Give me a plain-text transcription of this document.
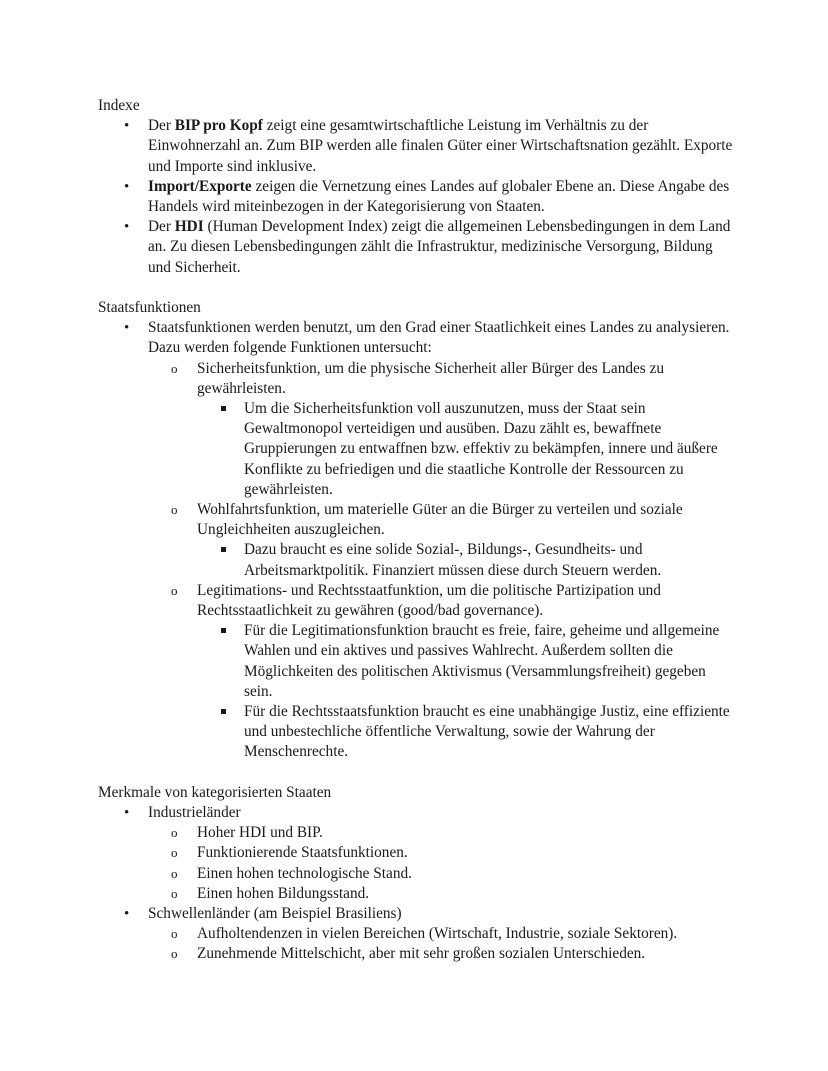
Indexe

• Der BIP pro Kopf zeigt eine gesamtwirtschaftliche Leistung im Verhältnis zu der Einwohnerzahl an. Zum BIP werden alle finalen Güter einer Wirtschaftsnation gezählt. Exporte und Importe sind inklusive.
• Import/Exporte zeigen die Vernetzung eines Landes auf globaler Ebene an. Diese Angabe des Handels wird miteinbezogen in der Kategorisierung von Staaten.
• Der HDI (Human Development Index) zeigt die allgemeinen Lebensbedingungen in dem Land an. Zu diesen Lebensbedingungen zählt die Infrastruktur, medizinische Versorgung, Bildung und Sicherheit.

Staatsfunktionen

• Staatsfunktionen werden benutzt, um den Grad einer Staatlichkeit eines Landes zu analysieren. Dazu werden folgende Funktionen untersucht:
o Sicherheitsfunktion, um die physische Sicherheit aller Bürger des Landes zu gewährleisten.
Um die Sicherheitsfunktion voll auszunutzen, muss der Staat sein Gewaltmonopol verteidigen und ausüben. Dazu zählt es, bewaffnete Gruppierungen zu entwaffnen bzw. effektiv zu bekämpfen, innere und äußere Konflikte zu befriedigen und die staatliche Kontrolle der Ressourcen zu gewährleisten.
o Wohlfahrtsfunktion, um materielle Güter an die Bürger zu verteilen und soziale Ungleichheiten auszugleichen.
Dazu braucht es eine solide Sozial-, Bildungs-, Gesundheits- und Arbeitsmarktpolitik. Finanziert müssen diese durch Steuern werden.
o Legitimations- und Rechtsstaatfunktion, um die politische Partizipation und Rechtsstaatlichkeit zu gewähren (good/bad governance).
Für die Legitimationsfunktion braucht es freie, faire, geheime und allgemeine Wahlen und ein aktives und passives Wahlrecht. Außerdem sollten die Möglichkeiten des politischen Aktivismus (Versammlungsfreiheit) gegeben sein.
Für die Rechtsstaatsfunktion braucht es eine unabhängige Justiz, eine effiziente und unbestechliche öffentliche Verwaltung, sowie der Wahrung der Menschenrechte.

Merkmale von kategorisierten Staaten

• Industrieländer
o Hoher HDI und BIP.
o Funktionierende Staatsfunktionen.
o Einen hohen technologische Stand.
o Einen hohen Bildungsstand.
• Schwellenländer (am Beispiel Brasiliens)
o Aufholtendenzen in vielen Bereichen (Wirtschaft, Industrie, soziale Sektoren).
o Zunehmende Mittelschicht, aber mit sehr großen sozialen Unterschieden.
